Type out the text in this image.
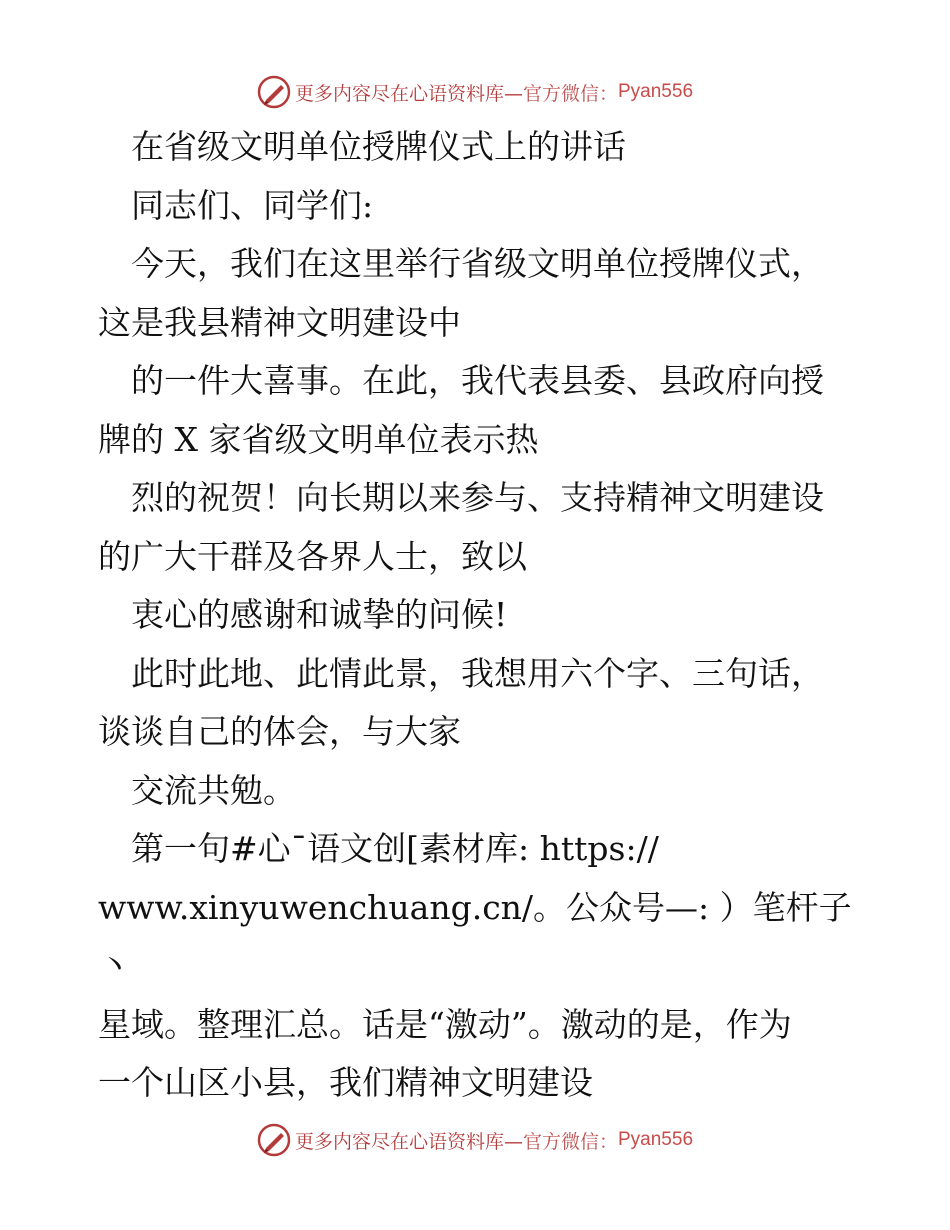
更多内容尽在心语资料库— 官方微信： Pyan556

　在省级文明单位授牌仪式上的讲话

　同志们、同学们:

　今天，我们在这里举行省级文明单位授牌仪式，

这是我县精神文明建设中

　的一件大喜事。在此，我代表县委、县政府向授

牌的 X 家省级文明单位表示热

　烈的祝贺！向长期以来参与、支持精神文明建设

的广大干群及各界人士，致以

　衷心的感谢和诚挚的问候!

　此时此地、此情此景，我想用六个字、三句话，

谈谈自己的体会，与大家

　交流共勉。

　第一句#心¯语文创[素材库: https://

www.xinyuwenchuang.cn/。公众号—: ）笔杆子丶

星域。整理汇总。话是“激动”。激动的是，作为

一个山区小县，我们精神文明建设

更多内容尽在心语资料库— 官方微信： Pyan556
